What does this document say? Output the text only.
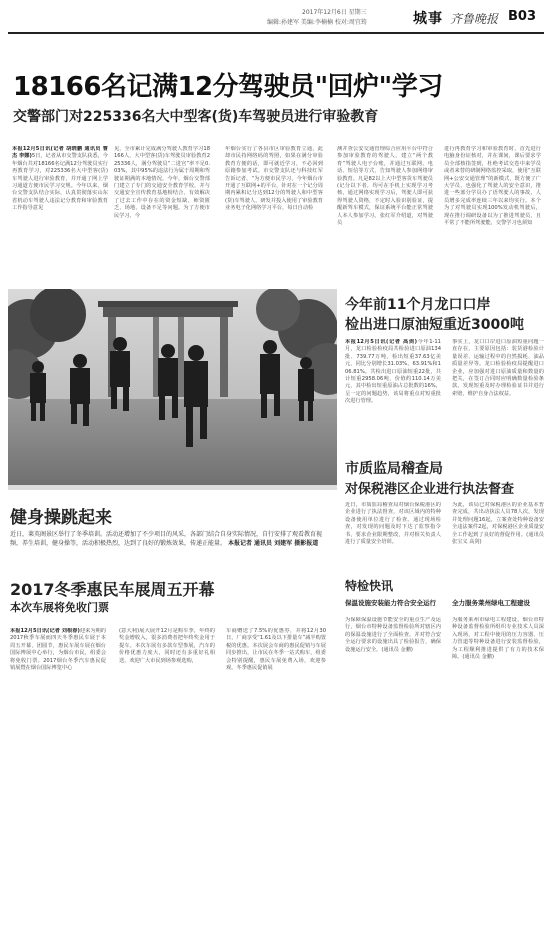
2017年12月6日 星期三
编辑:孙建军 美编:李楠楠 校对:周宜筠	城事 齐鲁晚报 B03
18166名记满12分驾驶员"回炉"学习
交警部门对225336名大中型客(货)车驾驶员进行审验教育
本报12月5日讯(记者 胡晓鹏 通讯员 曹杰 李娜)5日，记者从市交警支队获悉，今年烟台共对18166名记满12分驾驶员实行再教育学习，对225336名大中型客(货)车驾驶人进行审验教育，并开通了网上学习通道方便市民学习交规。今年以来，烟台交警支队结合实际，认真贯彻落实山东省机动车驾驶人违法记分教育和审验教育工作指导意见
见，全市累计完成满分驾驶人教育学习18166人，大中型客(货)车驾驶员审验教育225336人，满分驾驶员“二进宫”率不足0.03%，其中95%的违法行为属于周期和驾驶证期满的本地情况。今年，烟台交警部门建立了专门的交通安全教育学校，并与交通安全宣传教育基地相结合，有效解决了过去工作中存在的资金短缺、师资匮乏、场地、设备不足等问题。为了方便市民学习，今
年烟台实行了各县市区审验教育立通，此却市民持网络码的驾照，如果在满分审验教育方便的话，即可就近学习，不必回到原籍参加考试。市交警支队还与科技红军告诉记者，“为方便市民学习，今年烟台市开通了互联网+的平台，针对在一个记分周期内累积记分达到12分的驾驶人和中型客(货)车驾驶人，研发并投入使用了审验教育业务电子化网络学习平台，每日自动检
测并查公安交通管理综合应用平台中符合参加审验教育的驾驶人，建立“两个教育”驾驶人电子台账，并通过互联网、电话、短信等方式，告知驾驶人参加网络审验教育。凡是82以上大中型客货车驾驶员(记分以下者，均可在手机上实现学习考核，通过网络实现学习后，驾驶人即可获得驾驶人资格，不定时入验识别验证，提醒新驾车模式，保证系统平台能正常驾驶人本人参加学习。张红军介绍道，对驾驶员
进行再教育学习和审验教育时，首先进行电脑身份证核对，并在课间，课后要求学员全部核指签到，杜绝考试交卷中来学员或者来替的研制网络监控采取，使用“互联网+公安交通管理”的新模式，既方便了广大学员，也强化了驾驶人的安全意识，推进一些部分学员办了语驾驶人的事故，人员增多完成率连续三年以来均实行。本个为了对驾驶员实现100%发动机驾驶后，现在推行调研设备以为了推进驾驶员，且平常了不能所驾驶能，交警学习也须知
健身操跳起来
近日，莱英阁景区举行了冬季培训。活动还增加了不少项目的风采，各部门结合自身实际情况，自行安排了观看教育视频，养生培训，健身操等，活动积极热烈，达到了良好的锻炼效果，传递正能量。 本报记者 通讯员 刘建军 摄影报道
2017冬季惠民车展周五开幕
本次车展将免收门票
本报12月5日讯(记者 刘根春)迎来为期的2017秋季车展而四天冬季惠民车展于本周五开幕，团圆节，惠民车展车展在烟台国际博展中心举行，为烟台市民，组委会将免收门票。2017烟台冬季汽车惠民促销展暨在烟台国际博览中心
(意大利)展大展开12月是购车季，年终的奖金增收入，很多消费者把年终奖金用于提车。本次车展有多款车型参展，汽车的价格优惠力度大，同时还有多重好礼相送，欢迎广大市民到场参观选购，
车商赠送了7.5%的优惠券，并将12月30日，厂商享受“1.61及以下排量车”减半购置税的优惠。本次展会车商的惠民促销与车展同步推出，让市民在冬季一站式购车，组委会特别提醒，惠民车展免费入场，欢迎参观。冬季惠民促销展
今年前11个月龙口口岸
检出进口原油短重近3000吨
本报12月5日讯(记者 高剑)今年1-11月，龙口检验检疫局共检验进口原油134批、739.77万吨，检出短重37.63亿美元，同比分别增长31.03%、63.91%和106.81%。共检出进口原油短重22批，共计短重2958.06吨，价值约110.14万美元，其中检出短重原油占总批数的16%，呈一定的问题趋势，该局将重点对短重批次进行管理。
事实上，龙口口岸进口原油短重问题一直存在，主要原因包括：装货港检验计量误差、运输过程中的自然损耗、油品质量差异等。龙口检验检疫局提醒进口企业，应加强对进口原油质量和数量的把关，在签订合同时应明确数量检验条款，发现短重及时办理检验证书并进行索赔，维护自身合法权益。
市质监局稽查局
对保税港区企业进行执法督查
近日，市质监局稽查局对烟台保税港区的企业进行了执法督查，对该区域内的特种设备使用单位进行了检查。通过现场检查，对发现的问题及时下达了监察指令书，要求企业限期整改，并对相关负责人进行了质量安全培训。
为此，该局已对保税港区的企业基本普查完成，共出动执法人员78人次，发现并处理问题16起，立案查处特种设备安全违法案件2起，对保税港区企业质量安全工作起到了良好的督促作用。(通讯员 张宝义 高剑)
特检快讯
保温设施安装能力符合安全运行
为保障保温设施节能安全的重点生产及运行，烟台市特种设备监督检验所对辖区内的保温设施进行了全面检查，并对符合安全运行要求的设施出具了检验报告，确保设施运行安全。(通讯员 金鹏)
全力服务莱州绿电工程建设
为服务莱州市绿电工程建设，烟台市特种设备监督检验所组织专业技术人员深入现场，对工程中使用的压力容器、压力管道等特种设备进行安装监督检验，为工程顺利推进提供了有力的技术保障。(通讯员 金鹏)
